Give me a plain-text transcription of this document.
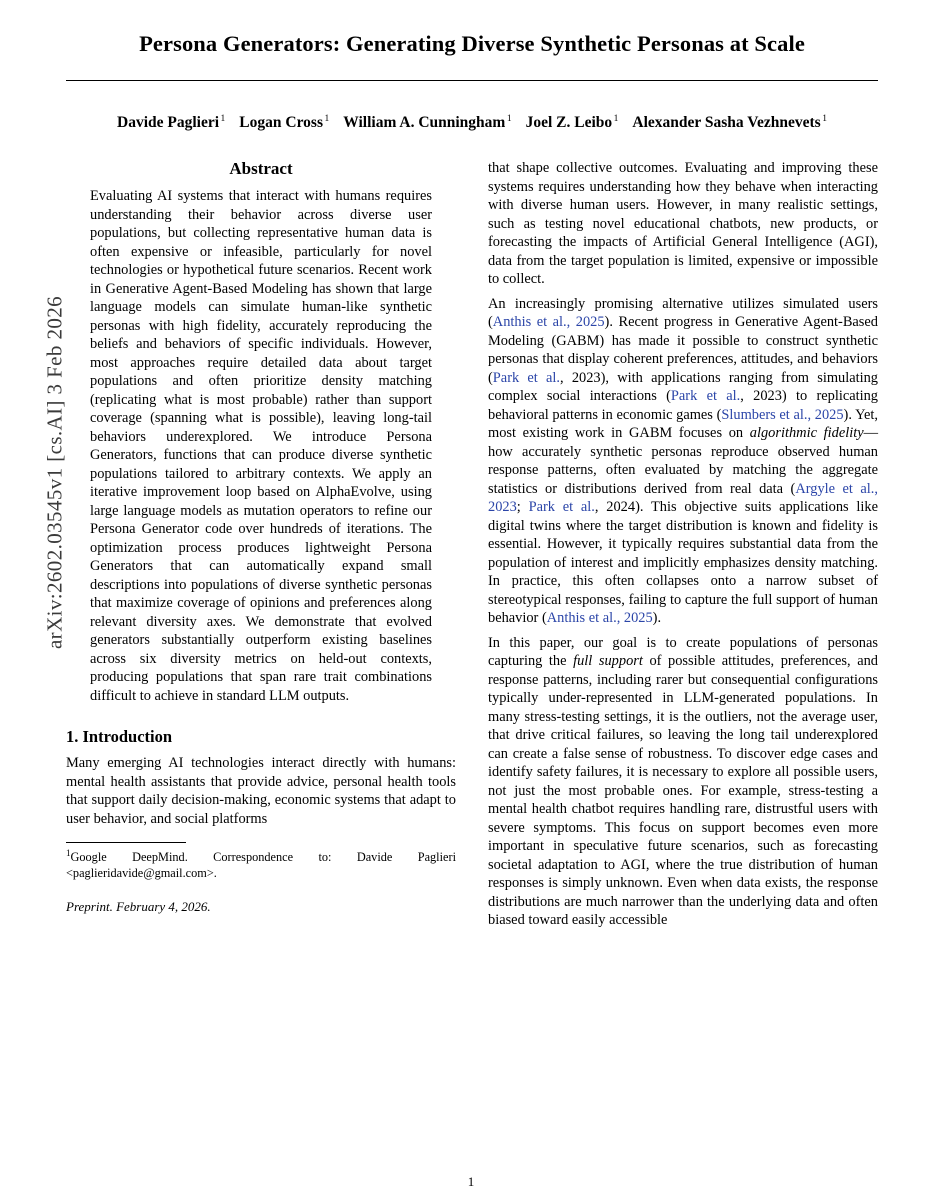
arXiv:2602.03545v1 [cs.AI] 3 Feb 2026
Persona Generators: Generating Diverse Synthetic Personas at Scale
Davide Paglieri $^1$ Logan Cross $^1$ William A. Cunningham $^1$ Joel Z. Leibo $^1$ Alexander Sasha Vezhnevets $^1$
Abstract
Evaluating AI systems that interact with humans requires understanding their behavior across diverse user populations, but collecting representative human data is often expensive or infeasible, particularly for novel technologies or hypothetical future scenarios. Recent work in Generative Agent-Based Modeling has shown that large language models can simulate human-like synthetic personas with high fidelity, accurately reproducing the beliefs and behaviors of specific individuals. However, most approaches require detailed data about target populations and often prioritize density matching (replicating what is most probable) rather than support coverage (spanning what is possible), leaving long-tail behaviors underexplored. We introduce Persona Generators, functions that can produce diverse synthetic populations tailored to arbitrary contexts. We apply an iterative improvement loop based on AlphaEvolve, using large language models as mutation operators to refine our Persona Generator code over hundreds of iterations. The optimization process produces lightweight Persona Generators that can automatically expand small descriptions into populations of diverse synthetic personas that maximize coverage of opinions and preferences along relevant diversity axes. We demonstrate that evolved generators substantially outperform existing baselines across six diversity metrics on held-out contexts, producing populations that span rare trait combinations difficult to achieve in standard LLM outputs.
1. Introduction

Many emerging AI technologies interact directly with humans: mental health assistants that provide advice, personal health tools that support daily decision-making, economic systems that adapt to user behavior, and social platforms

$^1$Google DeepMind. Correspondence to: Davide Paglieri <paglieridavide@gmail.com>.

Preprint. February 4, 2026.

that shape collective outcomes. Evaluating and improving these systems requires understanding how they behave when interacting with diverse human users. However, in many realistic settings, such as testing novel educational chatbots, new products, or forecasting the impacts of Artificial General Intelligence (AGI), data from the target population is limited, expensive or impossible to collect.

An increasingly promising alternative utilizes simulated users (Anthis et al., 2025). Recent progress in Generative Agent-Based Modeling (GABM) has made it possible to construct synthetic personas that display coherent preferences, attitudes, and behaviors (Park et al., 2023), with applications ranging from simulating complex social interactions (Park et al., 2023) to replicating behavioral patterns in economic games (Slumbers et al., 2025). Yet, most existing work in GABM focuses on algorithmic fidelity—how accurately synthetic personas reproduce observed human response patterns, often evaluated by matching the aggregate statistics or distributions derived from real data (Argyle et al., 2023; Park et al., 2024). This objective suits applications like digital twins where the target distribution is known and fidelity is essential. However, it typically requires substantial data from the population of interest and implicitly emphasizes density matching. In practice, this often collapses onto a narrow subset of stereotypical responses, failing to capture the full support of human behavior (Anthis et al., 2025).

In this paper, our goal is to create populations of personas capturing the full support of possible attitudes, preferences, and response patterns, including rarer but consequential configurations typically under-represented in LLM-generated populations. In many stress-testing settings, it is the outliers, not the average user, that drive critical failures, so leaving the long tail underexplored can create a false sense of robustness. To discover edge cases and identify safety failures, it is necessary to explore all possible users, not just the most probable ones. For example, stress-testing a mental health chatbot requires handling rare, distrustful users with severe symptoms. This focus on support becomes even more important in speculative future scenarios, such as forecasting societal adaptation to AGI, where the true distribution of human responses is simply unknown. Even when data exists, the response distributions are much narrower than the underlying data and often biased toward easily accessible

1
